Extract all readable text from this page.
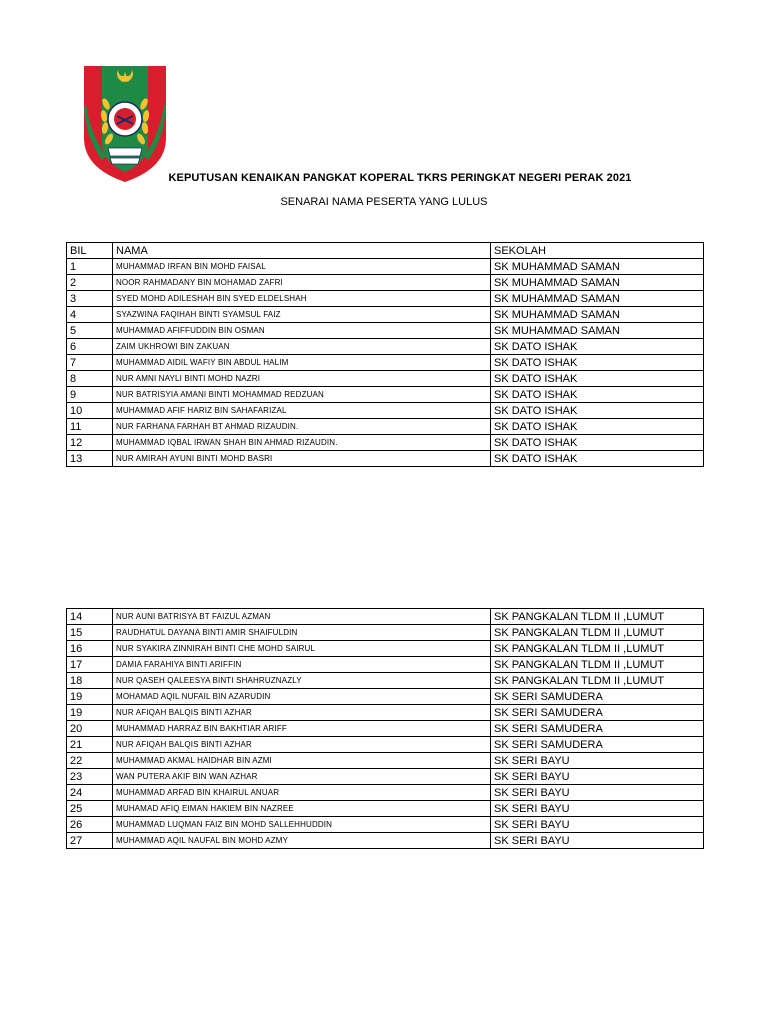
KEPUTUSAN KENAIKAN PANGKAT KOPERAL TKRS PERINGKAT NEGERI PERAK 2021
SENARAI NAMA PESERTA YANG LULUS
BIL	NAMA	SEKOLAH
1	MUHAMMAD IRFAN BIN MOHD FAISAL	SK MUHAMMAD SAMAN
2	NOOR RAHMADANY BIN MOHAMAD ZAFRI	SK MUHAMMAD SAMAN
3	SYED MOHD ADILESHAH BIN SYED ELDELSHAH	SK MUHAMMAD SAMAN
4	SYAZWINA FAQIHAH BINTI SYAMSUL FAIZ	SK MUHAMMAD SAMAN
5	MUHAMMAD AFIFFUDDIN BIN OSMAN	SK MUHAMMAD SAMAN
6	ZAIM UKHROWI BIN ZAKUAN	SK DATO ISHAK
7	MUHAMMAD AIDIL WAFIY BIN ABDUL HALIM	SK DATO ISHAK
8	NUR AMNI NAYLI BINTI MOHD NAZRI	SK DATO ISHAK
9	NUR BATRISYIA AMANI BINTI MOHAMMAD REDZUAN	SK DATO ISHAK
10	MUHAMMAD AFIF HARIZ BIN SAHAFARIZAL	SK DATO ISHAK
11	NUR FARHANA FARHAH BT AHMAD RIZAUDIN.	SK DATO ISHAK
12	MUHAMMAD IQBAL IRWAN SHAH BIN AHMAD RIZAUDIN.	SK DATO ISHAK
13	NUR AMIRAH AYUNI BINTI MOHD BASRI	SK DATO ISHAK
14	NUR AUNI BATRISYA BT FAIZUL AZMAN	SK PANGKALAN TLDM II ,LUMUT
15	RAUDHATUL DAYANA BINTI AMIR SHAIFULDIN	SK PANGKALAN TLDM II ,LUMUT
16	NUR SYAKIRA ZINNIRAH BINTI CHE MOHD SAIRUL	SK PANGKALAN TLDM II ,LUMUT
17	DAMIA FARAHIYA BINTI ARIFFIN	SK PANGKALAN TLDM II ,LUMUT
18	NUR QASEH QALEESYA BINTI SHAHRUZNAZLY	SK PANGKALAN TLDM II ,LUMUT
19	MOHAMAD AQIL NUFAIL BIN AZARUDIN	SK SERI SAMUDERA
19	NUR AFIQAH BALQIS BINTI AZHAR	SK SERI SAMUDERA
20	MUHAMMAD HARRAZ BIN BAKHTIAR ARIFF	SK SERI SAMUDERA
21	NUR AFIQAH BALQIS BINTI AZHAR	SK SERI SAMUDERA
22	MUHAMMAD AKMAL HAIDHAR BIN AZMI	SK SERI BAYU
23	WAN PUTERA AKIF BIN WAN AZHAR	SK SERI BAYU
24	MUHAMMAD ARFAD BIN KHAIRUL ANUAR	SK SERI BAYU
25	MUHAMAD AFIQ EIMAN HAKIEM BIN NAZREE	SK SERI BAYU
26	MUHAMMAD LUQMAN FAIZ BIN MOHD SALLEHHUDDIN	SK SERI BAYU
27	MUHAMMAD AQIL NAUFAL BIN MOHD AZMY	SK SERI BAYU
